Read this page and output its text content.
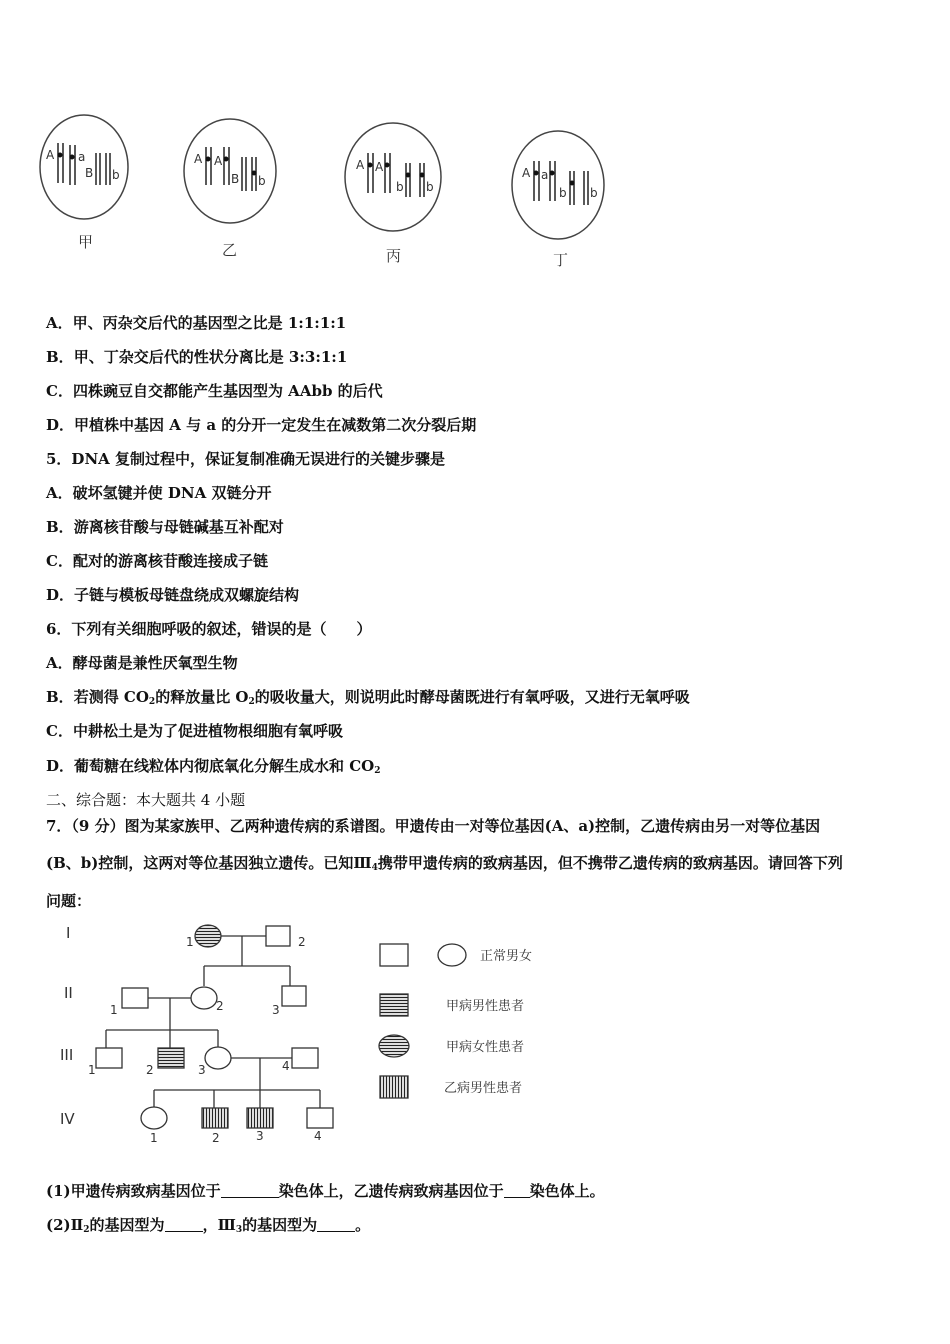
A a
B b
甲
A A
B b
乙
A A
b b
丙
A a
b b
丁
A．甲、丙杂交后代的基因型之比是 1:1:1:1
B．甲、丁杂交后代的性状分离比是 3:3:1:1
C．四株豌豆自交都能产生基因型为 AAbb 的后代
D．甲植株中基因 A 与 a 的分开一定发生在减数第二次分裂后期
5．DNA 复制过程中，保证复制准确无误进行的关键步骤是
A．破坏氢键并使 DNA 双链分开
B．游离核苷酸与母链碱基互补配对
C．配对的游离核苷酸连接成子链
D．子链与模板母链盘绕成双螺旋结构
6．下列有关细胞呼吸的叙述，错误的是（　　）
A．酵母菌是兼性厌氧型生物
B．若测得 $CO_2$的释放量比 $O_2$的吸收量大，则说明此时酵母菌既进行有氧呼吸，又进行无氧呼吸
C．中耕松土是为了促进植物根细胞有氧呼吸
D．葡萄糖在线粒体内彻底氧化分解生成水和 $CO_2$
二、综合题：本大题共 4 小题
7．（9 分）图为某家族甲、乙两种遗传病的系谱图。甲遗传由一对等位基因(A、a)控制，乙遗传病由另一对等位基因
(B、b)控制，这两对等位基因独立遗传。已知$Ⅲ_4$携带甲遗传病的致病基因，但不携带乙遗传病的致病基因。请回答下列
问题：
I
II
III
IV
1	2
1	2	3
1	2	3	4
1	2	3	4
正常男女
甲病男性患者
甲病女性患者
乙病男性患者
(1)甲遗传病致病基因位于	染色体上，乙遗传病致病基因位于 染色体上。
$(2)Ⅱ_2$的基因型为	，$Ⅲ_3$的基因型为	。
